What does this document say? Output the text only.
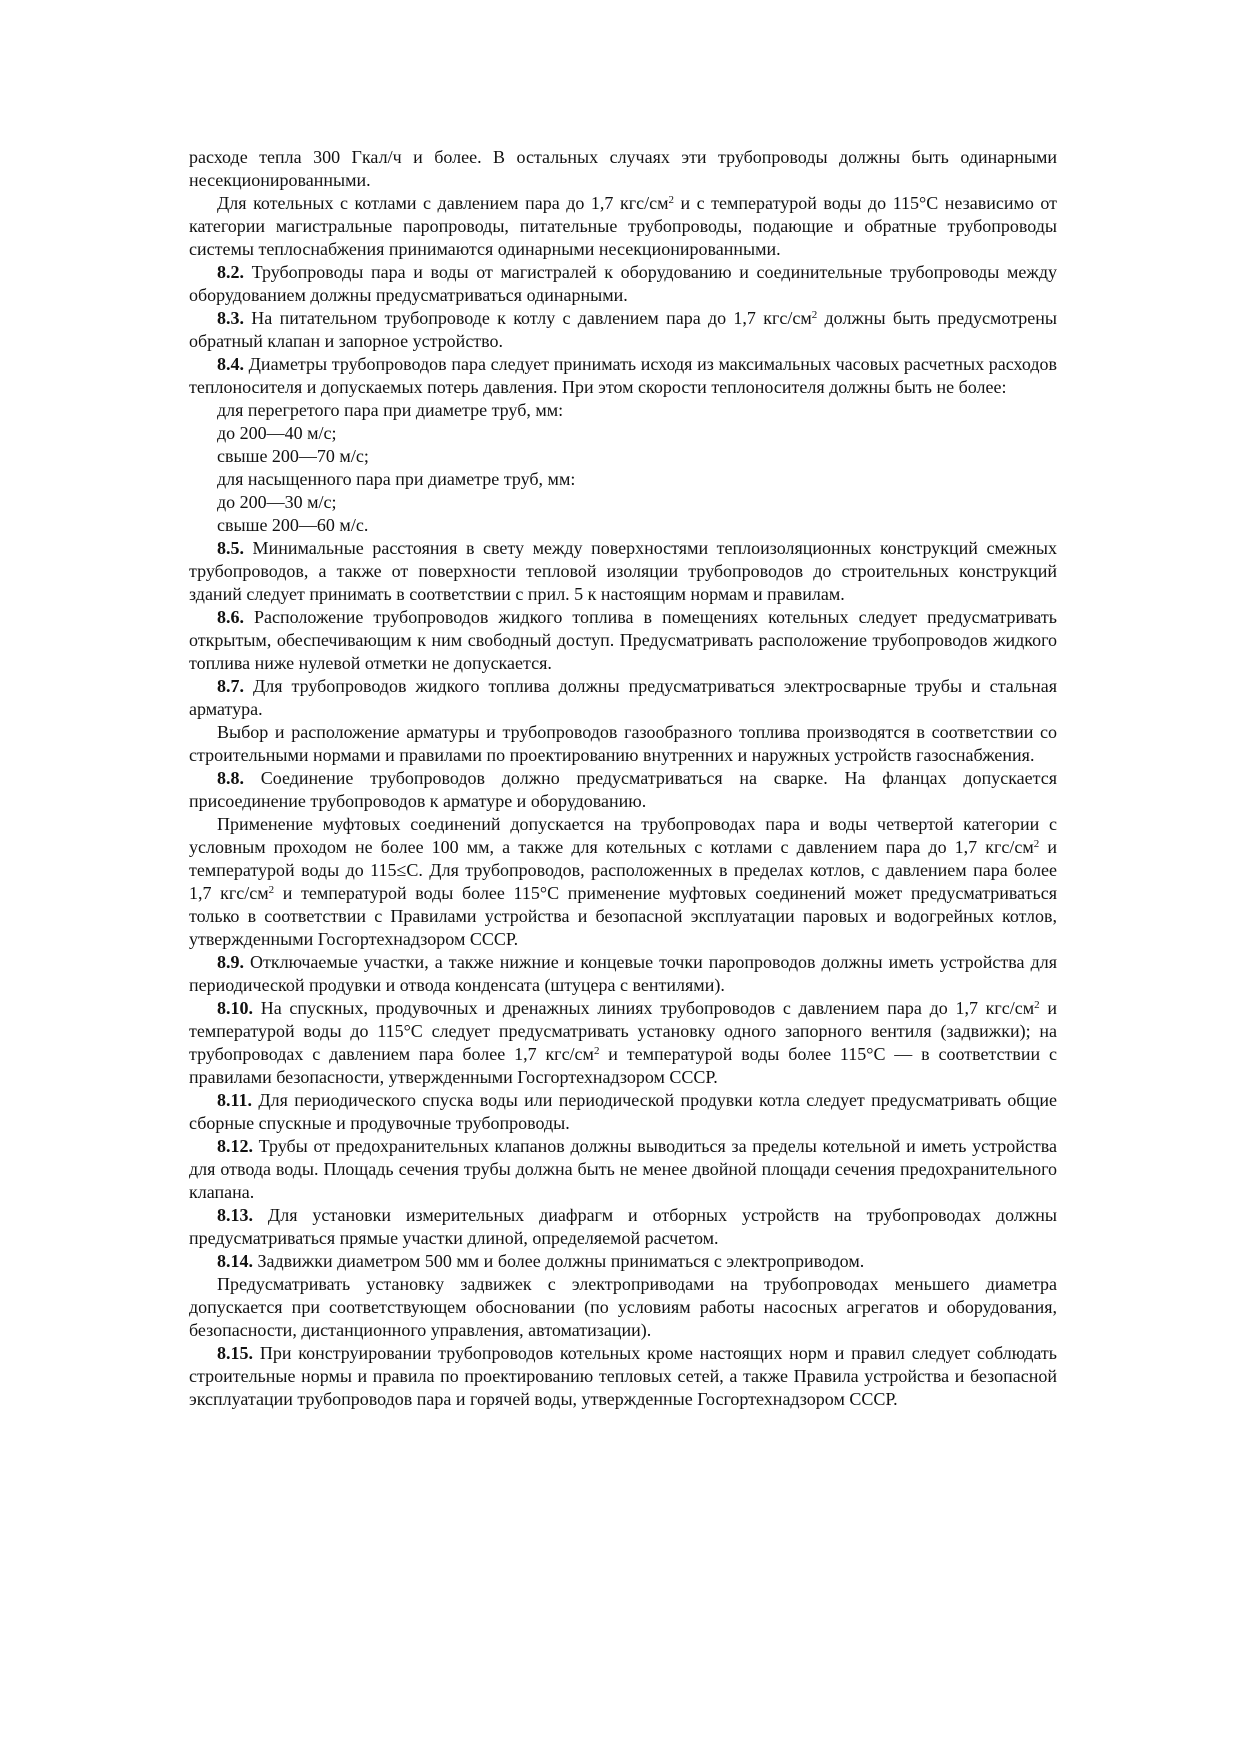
расходе тепла 300 Гкал/ч и более. В остальных случаях эти трубопроводы должны быть одинарными несекционированными.

Для котельных с котлами с давлением пара до 1,7 кгс/$см^2$ и с температурой воды до 115°С независимо от категории магистральные паропроводы, питательные трубопроводы, подающие и обратные трубопроводы системы теплоснабжения принимаются одинарными несекционированными.

8.2. Трубопроводы пара и воды от магистралей к оборудованию и соединительные трубопроводы между оборудованием должны предусматриваться одинарными.

8.3. На питательном трубопроводе к котлу с давлением пара до 1,7 кгс/$см^2$ должны быть предусмотрены обратный клапан и запорное устройство.

8.4. Диаметры трубопроводов пара следует принимать исходя из максимальных часовых расчетных расходов теплоносителя и допускаемых потерь давления. При этом скорости теплоносителя должны быть не более:

для перегретого пара при диаметре труб, мм:

до 200—40 м/с;

свыше 200—70 м/с;

для насыщенного пара при диаметре труб, мм:

до 200—30 м/с;

свыше 200—60 м/с.

8.5. Минимальные расстояния в свету между поверхностями теплоизоляционных конструкций смежных трубопроводов, а также от поверхности тепловой изоляции трубопроводов до строительных конструкций зданий следует принимать в соответствии с прил. 5 к настоящим нормам и правилам.

8.6. Расположение трубопроводов жидкого топлива в помещениях котельных следует предусматривать открытым, обеспечивающим к ним свободный доступ. Предусматривать расположение трубопроводов жидкого топлива ниже нулевой отметки не допускается.

8.7. Для трубопроводов жидкого топлива должны предусматриваться электросварные трубы и стальная арматура.

Выбор и расположение арматуры и трубопроводов газообразного топлива производятся в соответствии со строительными нормами и правилами по проектированию внутренних и наружных устройств газоснабжения.

8.8. Соединение трубопроводов должно предусматриваться на сварке. На фланцах допускается присоединение трубопроводов к арматуре и оборудованию.

Применение муфтовых соединений допускается на трубопроводах пара и воды четвертой категории с условным проходом не более 100 мм, а также для котельных с котлами с давлением пара до 1,7 кгс/$см^2$ и температурой воды до 115≤С. Для трубопроводов, расположенных в пределах котлов, с давлением пара более 1,7 кгс/$см^2$ и температурой воды более 115°С применение муфтовых соединений может предусматриваться только в соответствии с Правилами устройства и безопасной эксплуатации паровых и водогрейных котлов, утвержденными Госгортехнадзором СССР.

8.9. Отключаемые участки, а также нижние и концевые точки паропроводов должны иметь устройства для периодической продувки и отвода конденсата (штуцера с вентилями).

8.10. На спускных, продувочных и дренажных линиях трубопроводов с давлением пара до 1,7 кгс/$см^2$ и температурой воды до 115°С следует предусматривать установку одного запорного вентиля (задвижки); на трубопроводах с давлением пара более 1,7 кгс/$см^2$ и температурой воды более 115°С — в соответствии с правилами безопасности, утвержденными Госгортехнадзором СССР.

8.11. Для периодического спуска воды или периодической продувки котла следует предусматривать общие сборные спускные и продувочные трубопроводы.

8.12. Трубы от предохранительных клапанов должны выводиться за пределы котельной и иметь устройства для отвода воды. Площадь сечения трубы должна быть не менее двойной площади сечения предохранительного клапана.

8.13. Для установки измерительных диафрагм и отборных устройств на трубопроводах должны предусматриваться прямые участки длиной, определяемой расчетом.

8.14. Задвижки диаметром 500 мм и более должны приниматься с электроприводом.

Предусматривать установку задвижек с электроприводами на трубопроводах меньшего диаметра допускается при соответствующем обосновании (по условиям работы насосных агрегатов и оборудования, безопасности, дистанционного управления, автоматизации).

8.15. При конструировании трубопроводов котельных кроме настоящих норм и правил следует соблюдать строительные нормы и правила по проектированию тепловых сетей, а также Правила устройства и безопасной эксплуатации трубопроводов пара и горячей воды, утвержденные Госгортехнадзором СССР.
